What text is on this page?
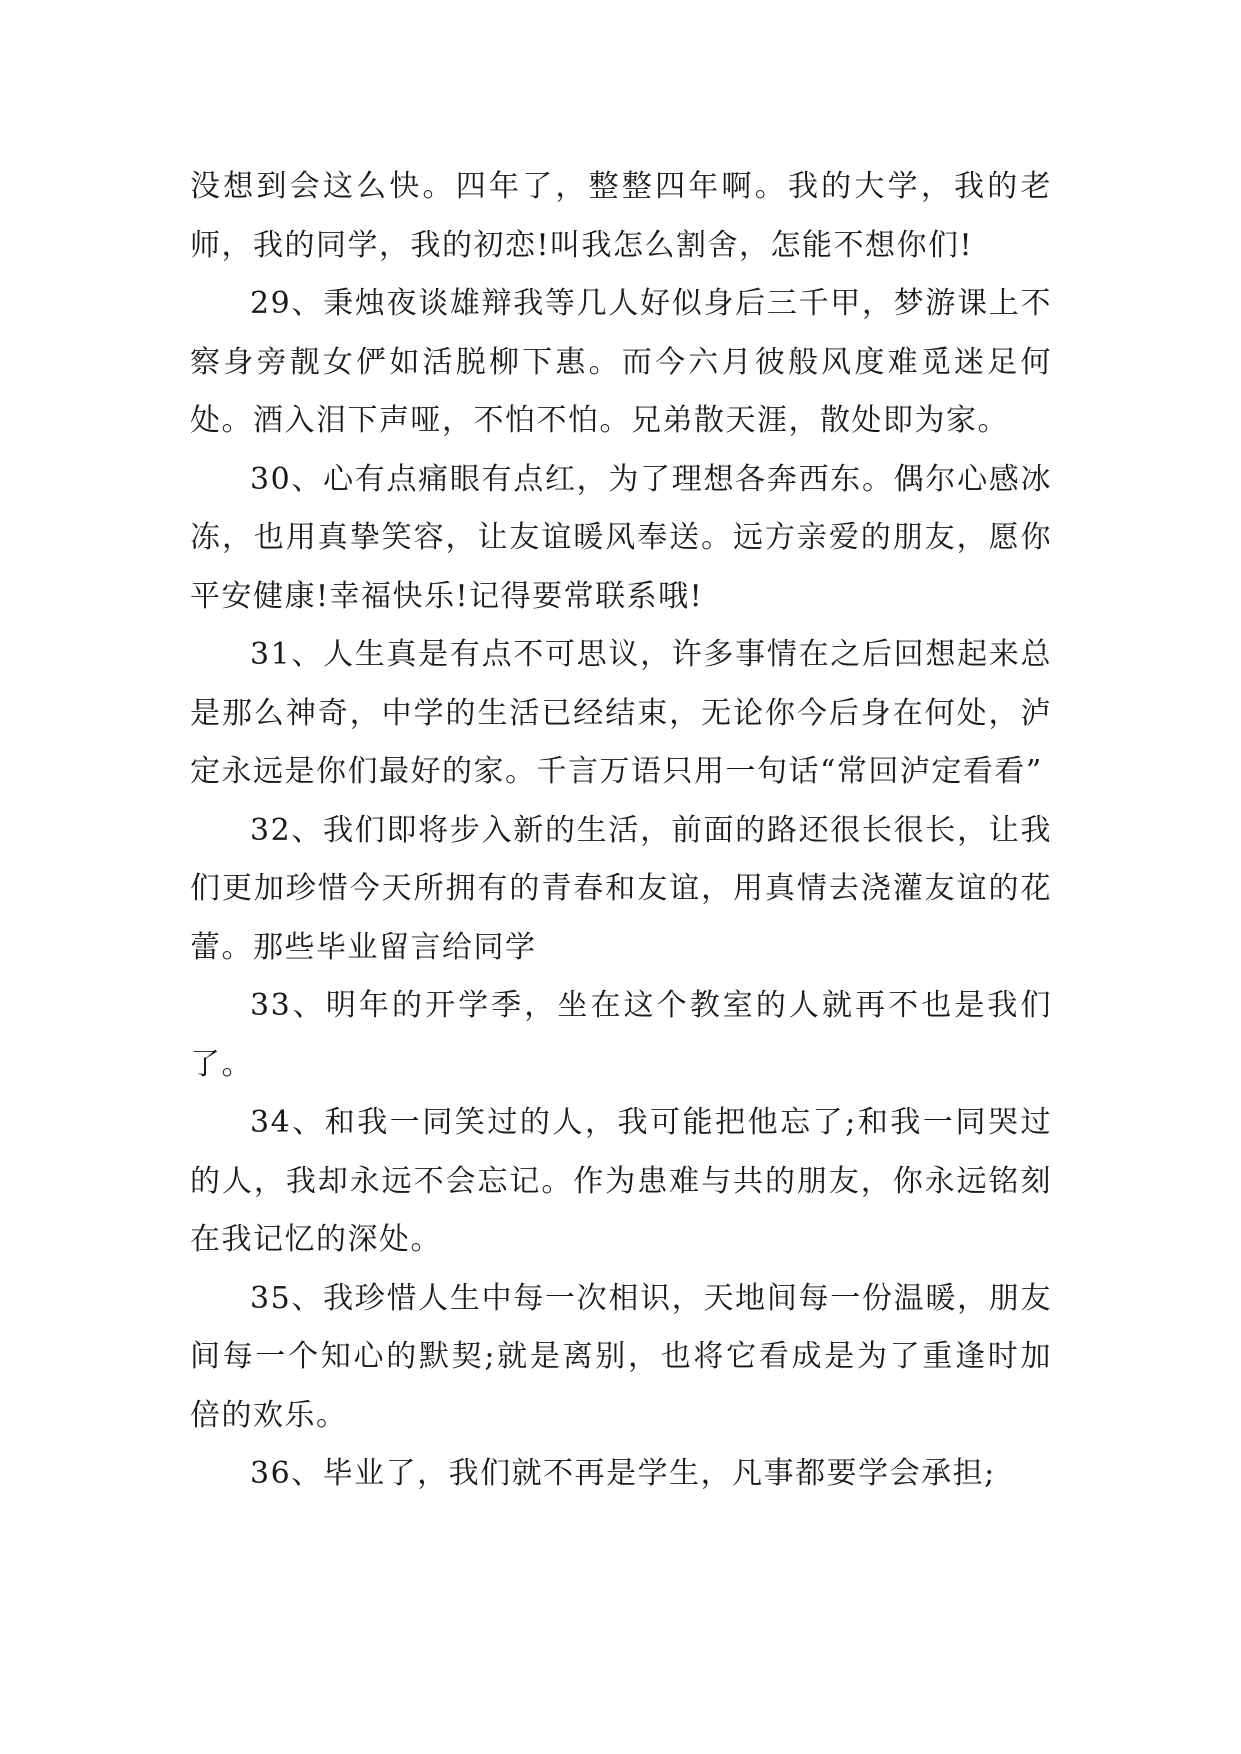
没想到会这么快。四年了，整整四年啊。我的大学，我的老师，我的同学，我的初恋!叫我怎么割舍，怎能不想你们!

29、秉烛夜谈雄辩我等几人好似身后三千甲，梦游课上不察身旁靓女俨如活脱柳下惠。而今六月彼般风度难觅迷足何处。酒入泪下声哑，不怕不怕。兄弟散天涯，散处即为家。

30、心有点痛眼有点红，为了理想各奔西东。偶尔心感冰冻，也用真挚笑容，让友谊暖风奉送。远方亲爱的朋友，愿你平安健康!幸福快乐!记得要常联系哦!

31、人生真是有点不可思议，许多事情在之后回想起来总是那么神奇，中学的生活已经结束，无论你今后身在何处，泸定永远是你们最好的家。千言万语只用一句话“常回泸定看看”

32、我们即将步入新的生活，前面的路还很长很长，让我们更加珍惜今天所拥有的青春和友谊，用真情去浇灌友谊的花蕾。那些毕业留言给同学

33、明年的开学季，坐在这个教室的人就再不也是我们了。

34、和我一同笑过的人，我可能把他忘了;和我一同哭过的人，我却永远不会忘记。作为患难与共的朋友，你永远铭刻在我记忆的深处。

35、我珍惜人生中每一次相识，天地间每一份温暖，朋友间每一个知心的默契;就是离别，也将它看成是为了重逢时加倍的欢乐。

36、毕业了，我们就不再是学生，凡事都要学会承担;
